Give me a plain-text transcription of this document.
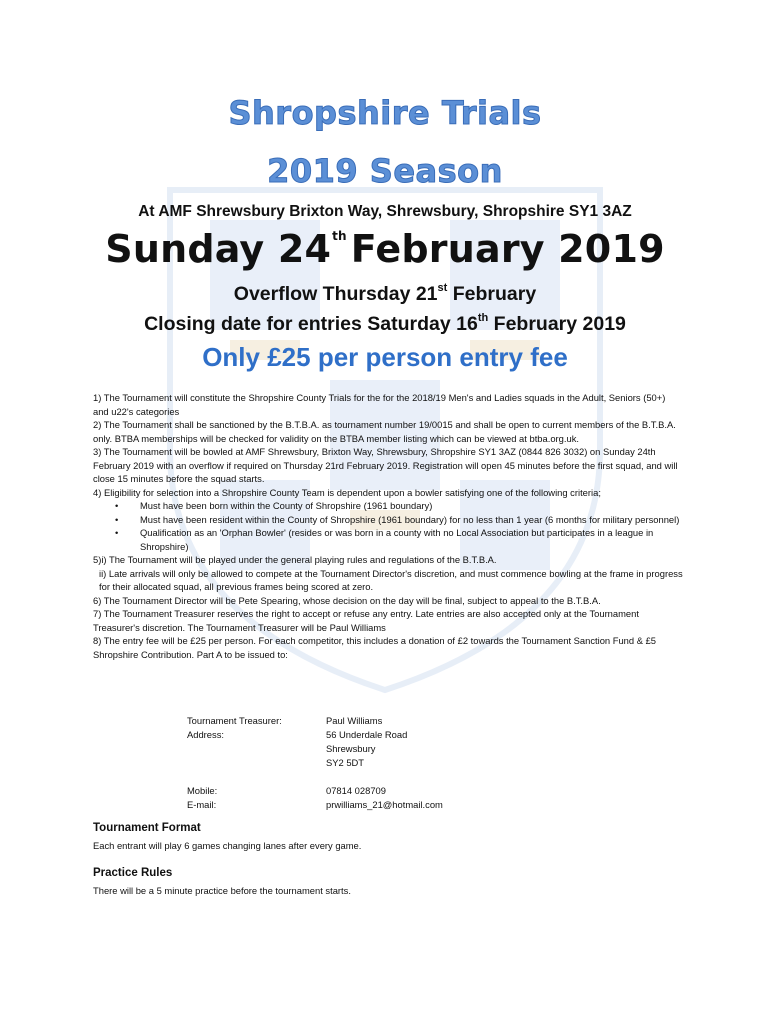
Shropshire Trials
2019 Season
At AMF Shrewsbury Brixton Way, Shrewsbury, Shropshire SY1 3AZ
Sunday 24th February 2019
Overflow Thursday 21st February
Closing date for entries Saturday 16th February 2019
Only £25 per person entry fee

1) The Tournament will constitute the Shropshire County Trials for the for the 2018/19 Men's and Ladies squads in the Adult, Seniors (50+) and u22's categories

2) The Tournament shall be sanctioned by the B.T.B.A. as tournament number 19/0015 and shall be open to current members of the B.T.B.A. only. BTBA memberships will be checked for validity on the BTBA member listing which can be viewed at btba.org.uk.

3) The Tournament will be bowled at AMF Shrewsbury, Brixton Way, Shrewsbury, Shropshire SY1 3AZ (0844 826 3032) on Sunday 24th February 2019 with an overflow if required on Thursday 21rd February 2019. Registration will open 45 minutes before the first squad, and will close 15 minutes before the squad starts.

4) Eligibility for selection into a Shropshire County Team is dependent upon a bowler satisfying one of the following criteria;

• Must have been born within the County of Shropshire (1961 boundary)
• Must have been resident within the County of Shropshire (1961 boundary) for no less than 1 year (6 months for military personnel)
• Qualification as an 'Orphan Bowler' (resides or was born in a county with no Local Association but participates in a league in Shropshire)

5)i) The Tournament will be played under the general playing rules and regulations of the B.T.B.A.

ii) Late arrivals will only be allowed to compete at the Tournament Director's discretion, and must commence bowling at the frame in progress for their allocated squad, all previous frames being scored at zero.

6) The Tournament Director will be Pete Spearing, whose decision on the day will be final, subject to appeal to the B.T.B.A.

7) The Tournament Treasurer reserves the right to accept or refuse any entry. Late entries are also accepted only at the Tournament Treasurer's discretion. The Tournament Treasurer will be Paul Williams

8) The entry fee will be £25 per person. For each competitor, this includes a donation of £2 towards the Tournament Sanction Fund & £5 Shropshire Contribution. Part A to be issued to:

Tournament Treasurer:	Paul Williams
Address:	56 Underdale Road
Shrewsbury
SY2 5DT
Mobile:	07814 028709
E-mail:	prwilliams_21@hotmail.com
Tournament Format
Each entrant will play 6 games changing lanes after every game.
Practice Rules
There will be a 5 minute practice before the tournament starts.
